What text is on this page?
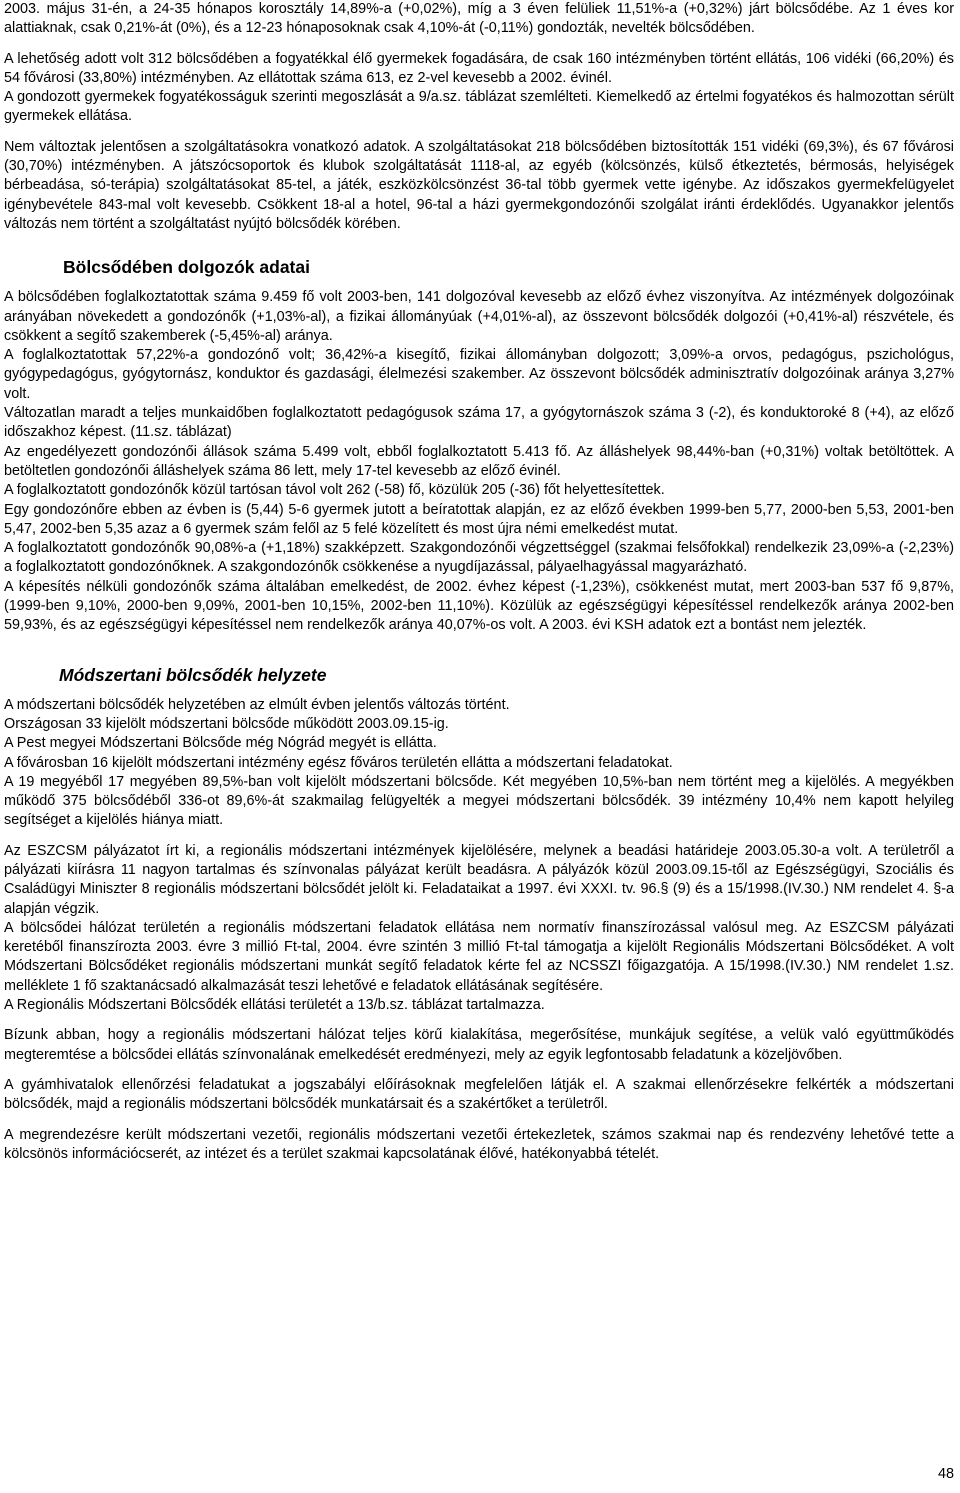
2003. május 31-én, a 24-35 hónapos korosztály 14,89%-a (+0,02%), míg a 3 éven felüliek 11,51%-a (+0,32%) járt bölcsődébe. Az 1 éves kor alattiaknak, csak 0,21%-át (0%), és a 12-23 hónaposoknak csak 4,10%-át (-0,11%) gondozták, nevelték bölcsődében.

A lehetőség adott volt 312 bölcsődében a fogyatékkal élő gyermekek fogadására, de csak 160 intézményben történt ellátás, 106 vidéki (66,20%) és 54 fővárosi (33,80%) intézményben. Az ellátottak száma 613, ez 2-vel kevesebb a 2002. évinél.

A gondozott gyermekek fogyatékosságuk szerinti megoszlását a 9/a.sz. táblázat szemlélteti. Kiemelkedő az értelmi fogyatékos és halmozottan sérült gyermekek ellátása.

Nem változtak jelentősen a szolgáltatásokra vonatkozó adatok. A szolgáltatásokat 218 bölcsődében biztosították 151 vidéki (69,3%), és 67 fővárosi (30,70%) intézményben. A játszócsoportok és klubok szolgáltatását 1118-al, az egyéb (kölcsönzés, külső étkeztetés, bérmosás, helyiségek bérbeadása, só-terápia) szolgáltatásokat 85-tel, a játék, eszközkölcsönzést 36-tal több gyermek vette igénybe. Az időszakos gyermekfelügyelet igénybevétele 843-mal volt kevesebb. Csökkent 18-al a hotel, 96-tal a házi gyermekgondozónői szolgálat iránti érdeklődés. Ugyanakkor jelentős változás nem történt a szolgáltatást nyújtó bölcsődék körében.

Bölcsődében dolgozók adatai

A bölcsődében foglalkoztatottak száma 9.459 fő volt 2003-ben, 141 dolgozóval kevesebb az előző évhez viszonyítva. Az intézmények dolgozóinak arányában növekedett a gondozónők (+1,03%-al), a fizikai állományúak (+4,01%-al), az összevont bölcsődék dolgozói (+0,41%-al) részvétele, és csökkent a segítő szakemberek (-5,45%-al) aránya.

A foglalkoztatottak 57,22%-a gondozónő volt; 36,42%-a kisegítő, fizikai állományban dolgozott; 3,09%-a orvos, pedagógus, pszichológus, gyógypedagógus, gyógytornász, konduktor és gazdasági, élelmezési szakember. Az összevont bölcsődék adminisztratív dolgozóinak aránya 3,27% volt.

Változatlan maradt a teljes munkaidőben foglalkoztatott pedagógusok száma 17, a gyógytornászok száma 3 (-2), és konduktoroké 8 (+4), az előző időszakhoz képest. (11.sz. táblázat)

Az engedélyezett gondozónői állások száma 5.499 volt, ebből foglalkoztatott 5.413 fő. Az álláshelyek 98,44%-ban (+0,31%) voltak betöltöttek. A betöltetlen gondozónői álláshelyek száma 86 lett, mely 17-tel kevesebb az előző évinél.

A foglalkoztatott gondozónők közül tartósan távol volt 262 (-58) fő, közülük 205 (-36) főt helyettesítettek.

Egy gondozónőre ebben az évben is (5,44) 5-6 gyermek jutott a beíratottak alapján, ez az előző években 1999-ben 5,77, 2000-ben 5,53, 2001-ben 5,47, 2002-ben 5,35 azaz a 6 gyermek szám felől az 5 felé közelített és most újra némi emelkedést mutat.

A foglalkoztatott gondozónők 90,08%-a (+1,18%) szakképzett. Szakgondozónői végzettséggel (szakmai felsőfokkal) rendelkezik 23,09%-a (-2,23%) a foglalkoztatott gondozónőknek. A szakgondozónők csökkenése a nyugdíjazással, pályaelhagyással magyarázható.

A képesítés nélküli gondozónők száma általában emelkedést, de 2002. évhez képest (-1,23%), csökkenést mutat, mert 2003-ban 537 fő 9,87%, (1999-ben 9,10%, 2000-ben 9,09%, 2001-ben 10,15%, 2002-ben 11,10%). Közülük az egészségügyi képesítéssel rendelkezők aránya 2002-ben 59,93%, és az egészségügyi képesítéssel nem rendelkezők aránya 40,07%-os volt. A 2003. évi KSH adatok ezt a bontást nem jelezték.

Módszertani bölcsődék helyzete

A módszertani bölcsődék helyzetében az elmúlt évben jelentős változás történt.

Országosan 33 kijelölt módszertani bölcsőde működött 2003.09.15-ig.

A Pest megyei Módszertani Bölcsőde még Nógrád megyét is ellátta.

A fővárosban 16 kijelölt módszertani intézmény egész főváros területén ellátta a módszertani feladatokat.

A 19 megyéből 17 megyében 89,5%-ban volt kijelölt módszertani bölcsőde. Két megyében 10,5%-ban nem történt meg a kijelölés. A megyékben működő 375 bölcsődéből 336-ot 89,6%-át szakmailag felügyelték a megyei módszertani bölcsődék. 39 intézmény 10,4% nem kapott helyileg segítséget a kijelölés hiánya miatt.

Az ESZCSM pályázatot írt ki, a regionális módszertani intézmények kijelölésére, melynek a beadási határideje 2003.05.30-a volt. A területről a pályázati kiírásra 11 nagyon tartalmas és színvonalas pályázat került beadásra. A pályázók közül 2003.09.15-től az Egészségügyi, Szociális és Családügyi Miniszter 8 regionális módszertani bölcsődét jelölt ki. Feladataikat a 1997. évi XXXI. tv. 96.§ (9) és a 15/1998.(IV.30.) NM rendelet 4. §-a alapján végzik.

A bölcsődei hálózat területén a regionális módszertani feladatok ellátása nem normatív finanszírozással valósul meg. Az ESZCSM pályázati keretéből finanszírozta 2003. évre 3 millió Ft-tal, 2004. évre szintén 3 millió Ft-tal támogatja a kijelölt Regionális Módszertani Bölcsődéket. A volt Módszertani Bölcsődéket regionális módszertani munkát segítő feladatok kérte fel az NCSSZI főigazgatója. A 15/1998.(IV.30.) NM rendelet 1.sz. melléklete 1 fő szaktanácsadó alkalmazását teszi lehetővé e feladatok ellátásának segítésére.

A Regionális Módszertani Bölcsődék ellátási területét a 13/b.sz. táblázat tartalmazza.

Bízunk abban, hogy a regionális módszertani hálózat teljes körű kialakítása, megerősítése, munkájuk segítése, a velük való együttműködés megteremtése a bölcsődei ellátás színvonalának emelkedését eredményezi, mely az egyik legfontosabb feladatunk a közeljövőben.

A gyámhivatalok ellenőrzési feladatukat a jogszabályi előírásoknak megfelelően látják el. A szakmai ellenőrzésekre felkérték a módszertani bölcsődék, majd a regionális módszertani bölcsődék munkatársait és a szakértőket a területről.

A megrendezésre került módszertani vezetői, regionális módszertani vezetői értekezletek, számos szakmai nap és rendezvény lehetővé tette a kölcsönös információcserét, az intézet és a terület szakmai kapcsolatának élővé, hatékonyabbá tételét.

48
